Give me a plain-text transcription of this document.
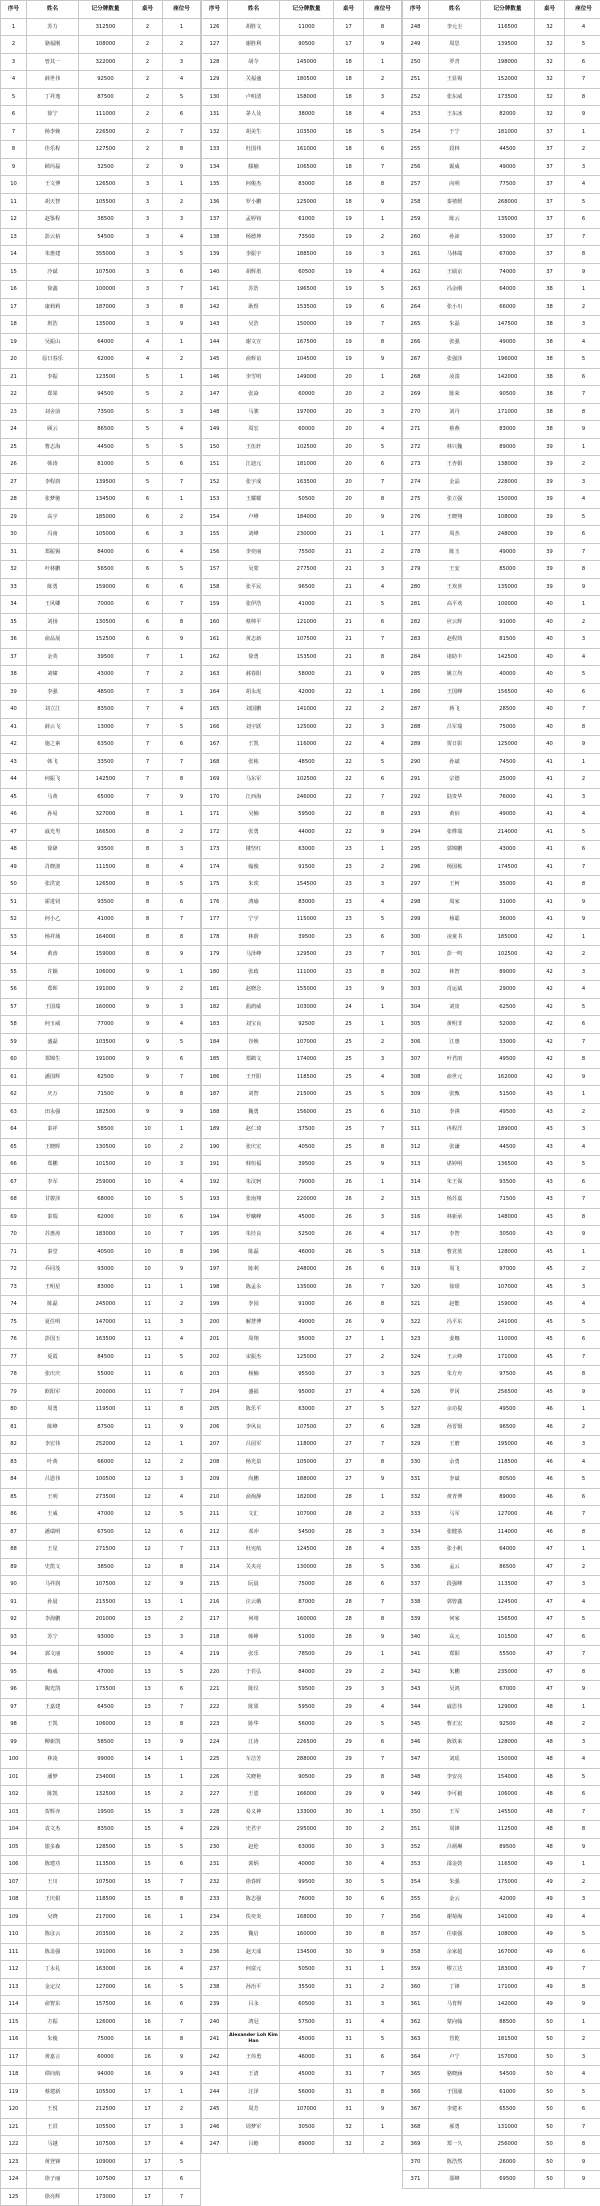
序号	姓名	记分牌数量	桌号	座位号
1	苏力	312500	2	1
2	骆福刚	108000	2	2
3	曾其一	322000	2	3
4	薛世伟	92500	2	4
5	丁祥逸	87500	2	5
6	徐宁	111000	2	6
7	杨李婉	226500	2	7
8	佳乐程	127500	2	8
9	顾玛磊	32500	2	9
10	王文博	126500	3	1
11	胡天智	105500	3	2
12	赵鉴程	38500	3	3
13	彭云裕	54500	3	4
14	朱惠建	355000	3	5
15	冷斌	107500	3	6
16	徐鑫	100000	3	7
17	康莉莉	187000	3	8
18	班浩	135000	3	9
19	吴振山	64000	4	1
20	原日春乐	62000	4	2
21	李振	123500	5	1
22	郑果	94500	5	2
23	刘舍前	73500	5	3
24	顾云	86500	5	4
25	曹志海	44500	5	5
26	韩涛	81000	5	6
27	李程润	139500	5	7
28	张梦驰	134500	6	1
29	高宇	185000	6	2
30	冯南	105000	6	3
31	郑振锡	84000	6	4
32	叶林鹏	56500	6	5
33	陈勇	159000	6	6
34	王风卿	70000	6	7
35	刘扬	130500	6	8
36	俞品展	152500	6	9
37	金英	39500	7	1
38	刘啸	43000	7	2
39	李强	48500	7	3
40	刘立江	83500	7	4
41	薛云飞	13000	7	5
42	施之素	63500	7	6
43	韩飞	33500	7	7
44	何振飞	142500	7	8
45	马黄	65000	7	9
46	孙易	327000	8	1
47	戚光男	166500	8	2
48	徐肆	93500	8	3
49	肖晓波	111500	8	4
50	张洪宽	126500	8	5
51	霍进钊	93500	8	6
52	何小乙	41000	8	7
53	杨祥域	164000	8	8
54	黄涛	159000	8	9
55	许颖	106000	9	1
56	郑晖	191000	9	2
57	王国瑞	160000	9	3
58	何玉威	77000	9	4
59	盛磊	103500	9	5
60	郑锦生	191000	9	6
61	潘国辉	62500	9	7
62	庆万	71500	9	8
63	田永强	182500	9	9
64	泰祥	58500	10	1
65	王晓晖	130500	10	2
66	郑鹏	101500	10	3
67	李军	259000	10	4
68	甘骏泽	68000	10	5
69	泰瑞	62000	10	6
70	苏惠涛	183000	10	7
71	秦堂	40500	10	8
72	乔同茂	93000	10	9
73	王明星	83000	11	1
74	陈磊	245000	11	2
75	夏任明	147000	11	3
76	彭国玉	163500	11	4
77	夏霞	84500	11	5
78	张庆庆	55000	11	6
79	欧阳军	200000	11	7
80	周勇	119500	11	8
81	陈峰	87500	11	9
82	李宏伟	252000	12	1
83	叶黄	66000	12	2
84	吕恩伟	100500	12	3
85	王明	273500	12	4
86	王威	47000	12	5
87	潘瑞明	67500	12	6
88	王星	271500	12	7
89	史凯文	38500	12	8
90	马祥润	107500	12	9
91	孙晨	215500	13	1
92	李海鹏	201000	13	2
93	苏宁	93000	13	3
94	郭文丽	59000	13	4
95	梅威	47000	13	5
96	陶光凯	175500	13	6
97	王嘉建	64500	13	7
98	王凯	106000	13	8
99	柳新凯	58500	13	9
100	林凌	99000	14	1
101	潘梦	234000	15	1
102	陈凯	132500	15	2
103	贺辉亦	19500	15	3
104	袁文杰	83500	15	4
105	银多森	128500	15	5
106	陈建功	113500	15	6
107	王川	107500	15	7
108	王庆娟	118500	15	8
109	吴晓	217000	16	1
110	陈彦云	203500	16	2
111	陈盖强	191000	16	3
112	丁永礼	163000	16	4
113	金定汉	127000	16	5
114	俞智东	157500	16	6
115	方振	126000	16	7
116	朱俊	75000	16	8
117	黄嘉言	60000	16	9
118	谭向航	94000	16	9
119	蔡建新	105500	17	1
120	王悦	212500	17	2
121	王洪	105500	17	3
122	马越	107500	17	4
123	黄登锋	109000	17	5
124	徐子丽	107500	17	6
125	徐亮辉	173000	17	7
序号	姓名	记分牌数量	桌号	座位号
126	胡胜文	11000	17	8
127	谢胜利	90500	17	9
128	胡令	145000	18	1
129	关福盛	180500	18	2
130	卢明清	158000	18	3
131	茅人及	38000	18	4
132	胡美生	103500	18	5
133	杜国伟	161000	18	6
134	滕楠	106500	18	7
135	何俊杰	83000	18	8
136	罗小鹏	125000	18	9
137	孟婷钧	61000	19	1
138	杨德坤	73500	19	2
139	李振宇	188500	19	3
140	胡辉墨	60500	19	4
141	苏浩	196500	19	5
142	耿煜	153500	19	6
143	吴浩	150000	19	7
144	谢文宣	167500	19	8
145	俞辉谊	104500	19	9
146	李雪明	149000	20	1
147	张焱	60000	20	2
148	马骏	197000	20	3
149	周宏	60000	20	4
150	王伍轩	102500	20	5
151	江迪元	181000	20	6
152	张宇成	163500	20	7
153	王耀耀	50500	20	8
154	卢峰	184000	20	9
155	刘峰	230000	21	1
156	李奕丽	75500	21	2
157	吴蒙	277500	21	3
158	张平民	96500	21	4
159	张伊浩	41000	21	5
160	蔡帅平	121000	21	6
161	黄志新	107500	21	7
162	徐勇	153500	21	8
163	郝春阳	58000	21	9
164	胡永虎	42000	22	1
165	刘国鹏	141000	22	2
166	刘宇跃	125000	22	3
167	王凯	116000	22	4
168	张栋	48500	22	5
169	马东军	102500	22	6
170	江西海	246000	22	7
171	吴楠	59500	22	8
172	张勇	44000	22	9
173	楼坚红	63000	23	1
174	翰俊	91500	23	2
175	朱诶	154500	23	3
176	鸿瑜	83000	23	4
177	宁宇	115000	23	5
178	林蔚	39500	23	6
179	马泽峰	129500	23	7
180	张政	111000	23	8
181	赵晓念	155000	23	9
182	曲鸿威	103000	24	1
183	刘宝良	92500	25	1
184	谷焕	107000	25	2
185	郑鹤文	174000	25	3
186	王开阳	118500	25	4
187	刘智	215000	25	5
188	魏勇	156000	25	6
189	赵仁琦	37500	25	7
190	张庆宏	40500	25	8
191	韩恒福	39500	25	9
192	朱汶轲	79000	26	1
193	张南翔	220000	26	2
194	罗曦峰	45000	26	3
195	朱径良	52500	26	4
196	陈磊	46000	26	5
197	陈利	248000	26	6
198	陈孟永	135000	26	7
199	李园	91000	26	8
200	解慧博	49000	26	9
201	周翔	95000	27	1
202	宋振杰	125000	27	2
203	杨楠	95500	27	3
204	盛福	95000	27	4
205	陈乐平	63000	27	5
206	李风良	107500	27	6
207	吕园军	118000	27	7
208	杨光泉	105000	27	8
209	尚鹏	188000	27	9
210	俞淘静	182000	28	1
211	文汇	107000	28	2
212	邓冲	54500	28	3
213	杜宪航	124500	28	4
214	关夹亮	130000	28	5
215	阮晨	75000	28	6
216	汪云娥	87000	28	7
217	何靖	160000	28	8
218	韩峥	51000	28	9
219	张乐	78500	29	1
220	于若弘	84000	29	2
221	陈仪	59500	29	3
222	陈果	59500	29	4
223	陈华	56000	29	5
224	江涛	226500	29	6
225	车洁芳	288000	29	7
226	关晓艳	90500	29	8
227	王恩	166000	29	9
228	易义神	133000	30	1
229	史君宇	295000	30	2
230	赵伦	63000	30	3
231	郭炳	40000	30	4
232	徐春晖	99500	30	5
233	陈志强	76000	30	6
234	佚奕炎	168000	30	7
235	魏启	160000	30	8
236	赵天成	134500	30	9
237	何富元	50500	31	1
238	孙治平	35500	31	2
239	吕永	60500	31	3
240	鸿冠	57500	31	4
241	Alexander Loh Kim Han	45000	31	5
242	王伟勇	46000	31	6
243	王清	45000	31	7
244	汪泽	56000	31	8
245	周芳	107000	31	9
246	周梦军	30500	32	1
247	吕瞻	89000	32	2
序号	姓名	记分牌数量	桌号	座位号
248	李元圭	116500	32	4
249	周思	139500	32	5
250	罗青	198000	32	6
251	王显锡	152000	32	7
252	张东威	173500	32	8
253	王东冰	82000	32	9
254	于宁	181000	37	1
255	段林	44500	37	2
256	霸威	49000	37	3
257	向明	77500	37	4
258	秦禧媛	268000	37	5
259	陈云	135000	37	6
260	孙沛	53000	37	7
261	马林端	67000	37	8
262	王硕京	74000	37	9
263	冯余刚	64000	38	1
264	张小川	66000	38	2
265	朱磊	147500	38	3
266	张强	49000	38	4
267	张强泽	196000	38	5
268	凌浚	142000	38	6
269	陈荣	90500	38	7
270	刘丹	171000	38	8
271	蔡燕	83000	38	9
272	林只魏	89000	39	1
273	王杏娟	138000	39	2
274	金晶	228000	39	3
275	张立强	150000	39	4
276	王晓翔	108000	39	5
277	周杰	248000	39	6
278	陈玉	49000	39	7
279	王安	85000	39	8
280	王欢喜	135000	39	9
281	高平欢	100000	40	1
282	应云辉	91000	40	2
283	赵程筒	81500	40	3
284	诸助丰	142500	40	4
285	姚立均	40000	40	5
286	王国峰	156500	40	6
287	蒋飞	28500	40	7
288	吕军瑞	75000	40	8
289	贾日影	125000	40	9
290	孙斌	74500	41	1
291	宗德	25000	41	2
292	陆贵华	76000	41	3
293	黄佰	49000	41	4
294	张桦瑞	214000	41	5
295	郭锦鹏	43000	41	6
296	杨国栋	174500	41	7
297	王柯	35000	41	8
298	周家	31000	41	9
299	杨聪	36000	41	9
300	凌童书	185000	42	1
301	彭一鸣	102500	42	2
302	林智	89000	42	3
303	肖运斌	29000	42	4
304	刘寅	62500	42	5
305	黄明非	52000	42	6
306	江惠	33000	42	7
307	叶君雨	49500	42	8
308	俞世元	162000	42	9
309	张甄	51500	43	1
310	李祺	49500	43	2
311	冉程洋	189000	43	3
312	张谦	44500	43	4
313	谌婷明	136500	43	5
314	朱王保	93500	43	6
315	杨苏嘉	71500	43	7
316	林新承	148000	43	8
317	李智	30500	43	9
318	曹竞蓝	128000	45	1
319	周飞	97000	45	2
320	徐璟	107000	45	3
321	赵能	159000	45	4
322	冯平东	241000	45	5
323	姜娜	110000	45	6
324	王云峰	171000	45	7
325	朱方舟	97500	45	8
326	罗冈	256500	45	9
327	余功提	49500	46	1
328	孙晋镊	96500	46	2
329	王磨	195000	46	3
330	余勇	118500	46	4
331	李斌	80500	46	5
332	黄青博	89000	46	6
333	马军	127000	46	7
334	张健茶	114000	46	8
335	张小帆	64000	47	1
336	孟云	86500	47	2
337	段强峰	113500	47	3
338	郭曾鑫	124500	47	4
339	何家	156500	47	5
340	高元	101500	47	6
341	郑阳	55500	47	7
342	朱鹏	235000	47	8
343	吴鸿	67000	47	9
344	戚思伟	129000	48	1
345	曹正宏	92500	48	2
346	陈铁来	128000	48	3
347	刘瑶	150000	48	4
348	李安亮	154000	48	5
349	李可毅	106000	48	6
350	王军	145500	48	7
351	周锋	112500	48	8
352	吕炳琳	89500	48	9
353	邵金鼓	116500	49	1
354	朱强	175000	49	2
355	金云	42000	49	3
356	谢菊淘	141000	49	4
357	任康强	108000	49	5
358	余家超	167000	49	6
359	缪立达	183000	49	7
360	丁锋	171000	49	8
361	马育辉	142000	49	9
362	蒙向翰	88500	50	1
363	管乾	181500	50	2
364	卢宁	157000	50	3
365	骆晓涵	54500	50	4
366	于国濠	61000	50	5
367	李建本	65500	50	6
368	郝勇	131000	50	7
369	郑一久	256000	50	8
370	陈浩然	26000	50	9
371	邵峰	69500	50	9
